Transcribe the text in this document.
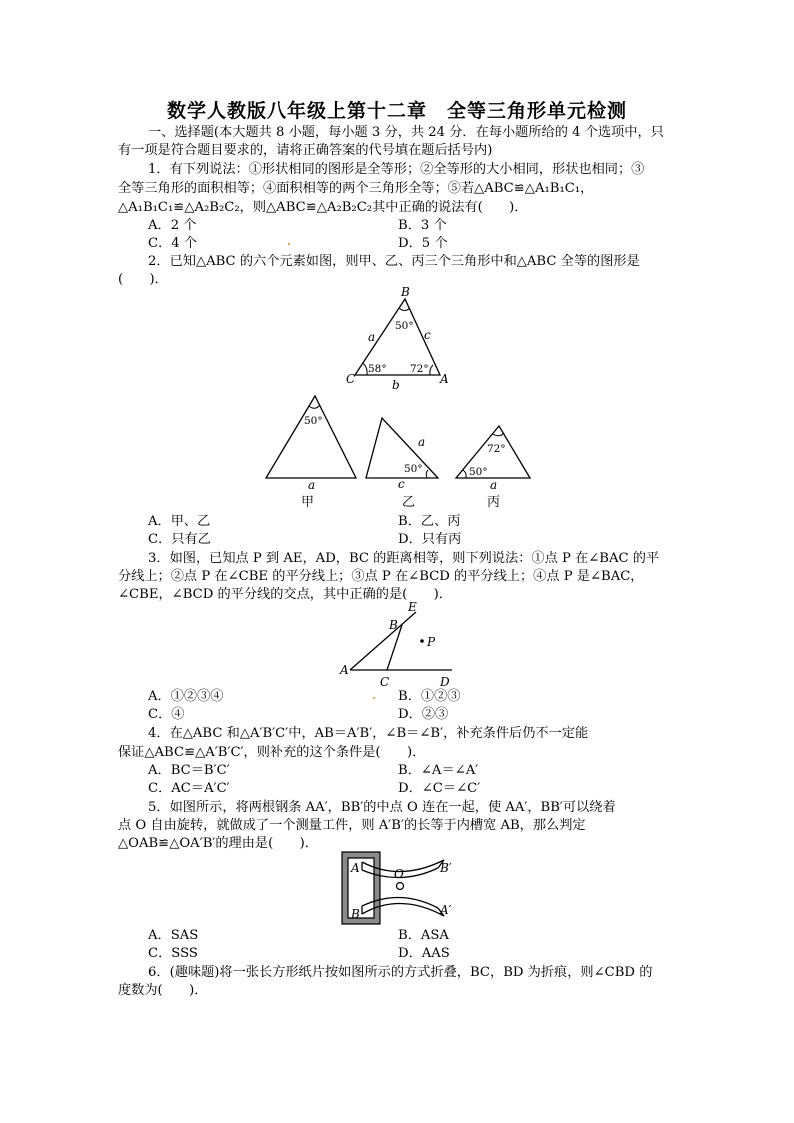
数学人教版八年级上第十二章　全等三角形单元检测
一、选择题(本大题共 8 小题，每小题 3 分，共 24 分．在每小题所给的 4 个选项中，只
有一项是符合题目要求的，请将正确答案的代号填在题后括号内)
1．有下列说法：①形状相同的图形是全等形；②全等形的大小相同，形状也相同；③
全等三角形的面积相等；④面积相等的两个三角形全等；⑤若△ABC≌△A₁B₁C₁，
△A₁B₁C₁≌△A₂B₂C₂，则△ABC≌△A₂B₂C₂其中正确的说法有(　　)．
A．2 个	B．3 个
C．4 个	D．5 个
2．已知△ABC 的六个元素如图，则甲、乙、丙三个三角形中和△ABC 全等的图形是
(　　)．
B
C	A
a	c
b
50°
58° 72°
50°
a
甲
50°
a
c
乙
72°
50°
a
丙
A．甲、乙	B．乙、丙
C．只有乙	D．只有丙
3．如图，已知点 P 到 AE，AD，BC 的距离相等，则下列说法：①点 P 在∠BAC 的平
分线上；②点 P 在∠CBE 的平分线上；③点 P 在∠BCD 的平分线上；④点 P 是∠BAC，
∠CBE，∠BCD 的平分线的交点，其中正确的是(　　)．
E
B
P
A
C	D
A．①②③④	B．①②③
C．④	D．②③
4．在△ABC 和△A′B′C′中，AB＝A′B′，∠B＝∠B′，补充条件后仍不一定能
保证△ABC≌△A′B′C′，则补充的这个条件是(　　)．
A．BC＝B′C′	B．∠A＝∠A′
C．AC＝A′C′	D．∠C＝∠C′
5．如图所示，将两根钢条 AA′，BB′的中点 O 连在一起，使 AA′，BB′可以绕着
点 O 自由旋转，就做成了一个测量工件，则 A′B′的长等于内槽宽 AB，那么判定
△OAB≌△OA′B′的理由是(　　)．
A
B
O	B′
A′
A．SAS	B．ASA
C．SSS	D．AAS
6．(趣味题)将一张长方形纸片按如图所示的方式折叠，BC，BD 为折痕，则∠CBD 的
度数为(　　)．
